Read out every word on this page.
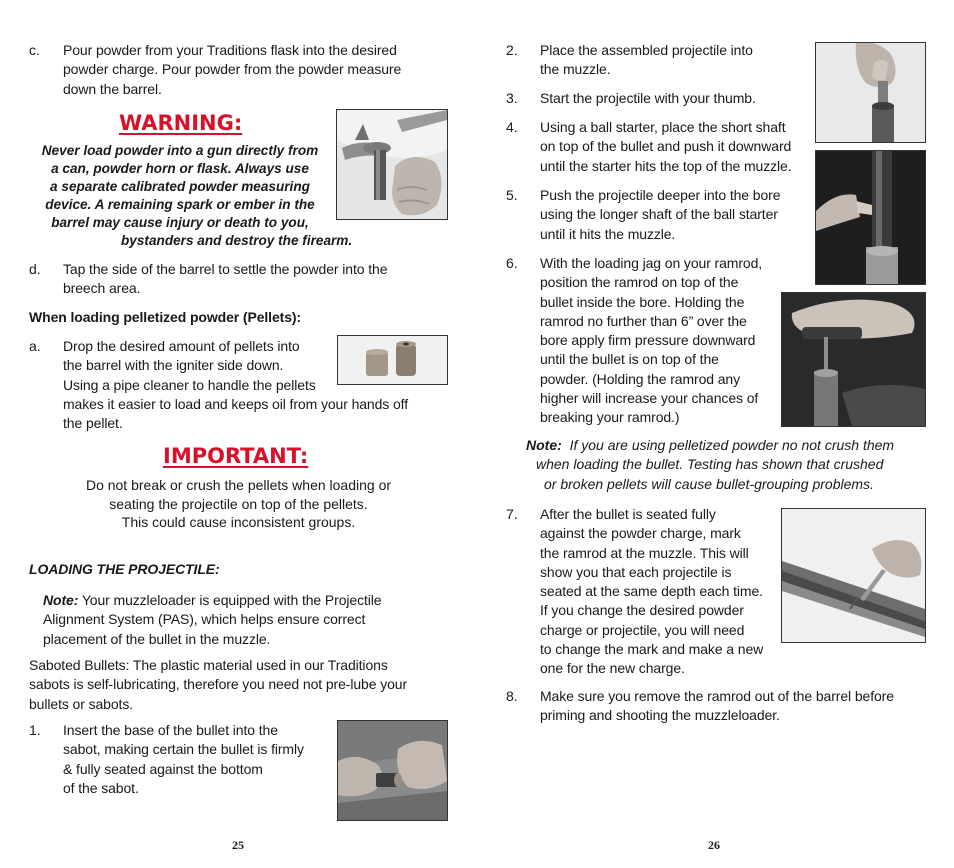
c. Pour powder from your Traditions flask into the desired
powder charge. Pour powder from the powder measure
down the barrel.
WARNING:
Never load powder into a gun directly from
a can, powder horn or flask. Always use
a separate calibrated powder measuring
device. A remaining spark or ember in the
barrel may cause injury or death to you,
bystanders and destroy the firearm.
d. Tap the side of the barrel to settle the powder into the
breech area.
When loading pelletized powder (Pellets):
a. Drop the desired amount of pellets into
the barrel with the igniter side down.
Using a pipe cleaner to handle the pellets
makes it easier to load and keeps oil from your hands off
the pellet.
IMPORTANT:
Do not break or crush the pellets when loading or
seating the projectile on top of the pellets.
This could cause inconsistent groups.
LOADING THE PROJECTILE:
Note: Your muzzleloader is equipped with the Projectile
Alignment System (PAS), which helps ensure correct
placement of the bullet in the muzzle.
Saboted Bullets: The plastic material used in our Traditions
sabots is self-lubricating, therefore you need not pre-lube your
bullets or sabots.
1. Insert the base of the bullet into the
sabot, making certain the bullet is firmly
& fully seated against the bottom
of the sabot.
25
2. Place the assembled projectile into
the muzzle.
3. Start the projectile with your thumb.
4. Using a ball starter, place the short shaft
on top of the bullet and push it downward
until the starter hits the top of the muzzle.
5. Push the projectile deeper into the bore
using the longer shaft of the ball starter
until it hits the muzzle.
6. With the loading jag on your ramrod,
position the ramrod on top of the
bullet inside the bore. Holding the
ramrod no further than 6” over the
bore apply firm pressure downward
until the bullet is on top of the
powder. (Holding the ramrod any
higher will increase your chances of
breaking your ramrod.)
Note: If you are using pelletized powder no not crush them
when loading the bullet. Testing has shown that crushed
or broken pellets will cause bullet-grouping problems.
7. After the bullet is seated fully
against the powder charge, mark
the ramrod at the muzzle. This will
show you that each projectile is
seated at the same depth each time.
If you change the desired powder
charge or projectile, you will need
to change the mark and make a new
one for the new charge.
8. Make sure you remove the ramrod out of the barrel before
priming and shooting the muzzleloader.
26
